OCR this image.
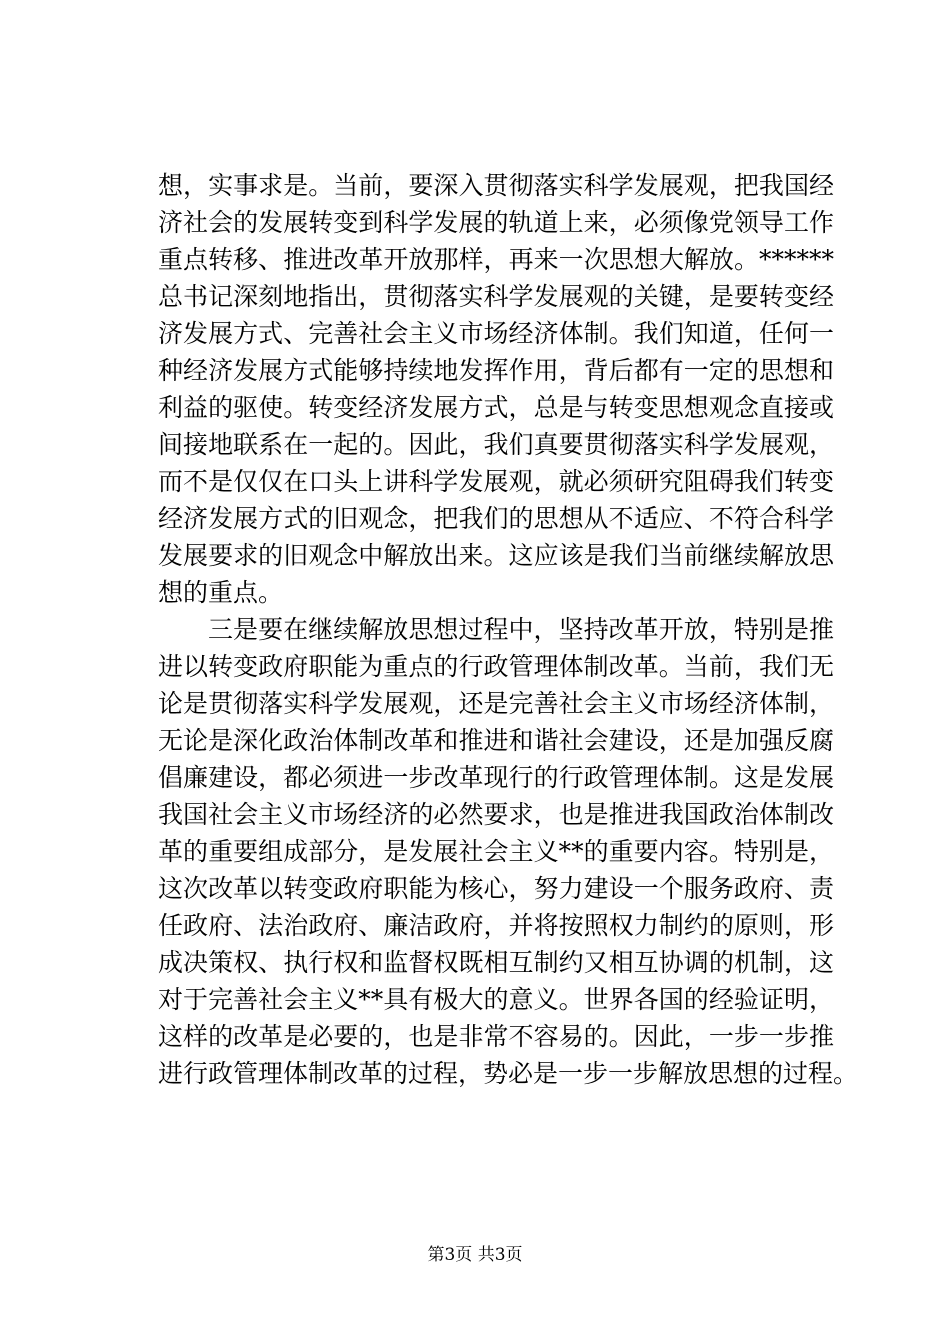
想，实事求是。当前，要深入贯彻落实科学发展观，把我国经
济社会的发展转变到科学发展的轨道上来，必须像党领导工作
重点转移、推进改革开放那样，再来一次思想大解放。******
总书记深刻地指出，贯彻落实科学发展观的关键，是要转变经
济发展方式、完善社会主义市场经济体制。我们知道，任何一
种经济发展方式能够持续地发挥作用，背后都有一定的思想和
利益的驱使。转变经济发展方式，总是与转变思想观念直接或
间接地联系在一起的。因此，我们真要贯彻落实科学发展观，
而不是仅仅在口头上讲科学发展观，就必须研究阻碍我们转变
经济发展方式的旧观念，把我们的思想从不适应、不符合科学
发展要求的旧观念中解放出来。这应该是我们当前继续解放思
想的重点。
三是要在继续解放思想过程中，坚持改革开放，特别是推
进以转变政府职能为重点的行政管理体制改革。当前，我们无
论是贯彻落实科学发展观，还是完善社会主义市场经济体制，
无论是深化政治体制改革和推进和谐社会建设，还是加强反腐
倡廉建设，都必须进一步改革现行的行政管理体制。这是发展
我国社会主义市场经济的必然要求，也是推进我国政治体制改
革的重要组成部分，是发展社会主义**的重要内容。特别是，
这次改革以转变政府职能为核心，努力建设一个服务政府、责
任政府、法治政府、廉洁政府，并将按照权力制约的原则，形
成决策权、执行权和监督权既相互制约又相互协调的机制，这
对于完善社会主义**具有极大的意义。世界各国的经验证明，
这样的改革是必要的，也是非常不容易的。因此，一步一步推
进行政管理体制改革的过程，势必是一步一步解放思想的过程。
第3页 共3页
